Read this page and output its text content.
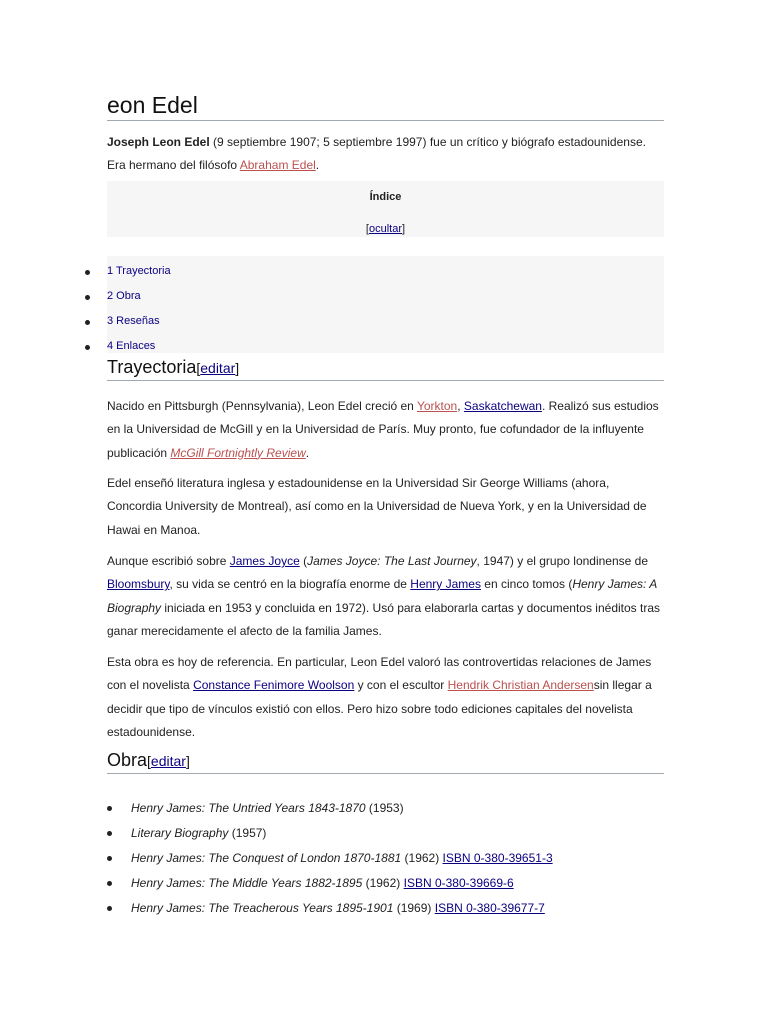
eon Edel

Joseph Leon Edel (9 septiembre 1907; 5 septiembre 1997) fue un crítico y biógrafo estadounidense. Era hermano del filósofo Abraham Edel.

Índice
[ocultar]
1 Trayectoria
2 Obra
3 Reseñas
4 Enlaces
Trayectoria[editar]

Nacido en Pittsburgh (Pennsylvania), Leon Edel creció en Yorkton, Saskatchewan. Realizó sus estudios en la Universidad de McGill y en la Universidad de París. Muy pronto, fue cofundador de la influyente publicación McGill Fortnightly Review.

Edel enseñó literatura inglesa y estadounidense en la Universidad Sir George Williams (ahora, Concordia University de Montreal), así como en la Universidad de Nueva York, y en la Universidad de Hawai en Manoa.

Aunque escribió sobre James Joyce (James Joyce: The Last Journey, 1947) y el grupo londinense de Bloomsbury, su vida se centró en la biografía enorme de Henry James en cinco tomos (Henry James: A Biography iniciada en 1953 y concluida en 1972). Usó para elaborarla cartas y documentos inéditos tras ganar merecidamente el afecto de la familia James.

Esta obra es hoy de referencia. En particular, Leon Edel valoró las controvertidas relaciones de James con el novelista Constance Fenimore Woolson y con el escultor Hendrik Christian Andersensin llegar a decidir que tipo de vínculos existió con ellos. Pero hizo sobre todo ediciones capitales del novelista estadounidense.

Obra[editar]
Henry James: The Untried Years 1843-1870 (1953)
Literary Biography (1957)
Henry James: The Conquest of London 1870-1881 (1962) ISBN 0-380-39651-3
Henry James: The Middle Years 1882-1895 (1962) ISBN 0-380-39669-6
Henry James: The Treacherous Years 1895-1901 (1969) ISBN 0-380-39677-7
